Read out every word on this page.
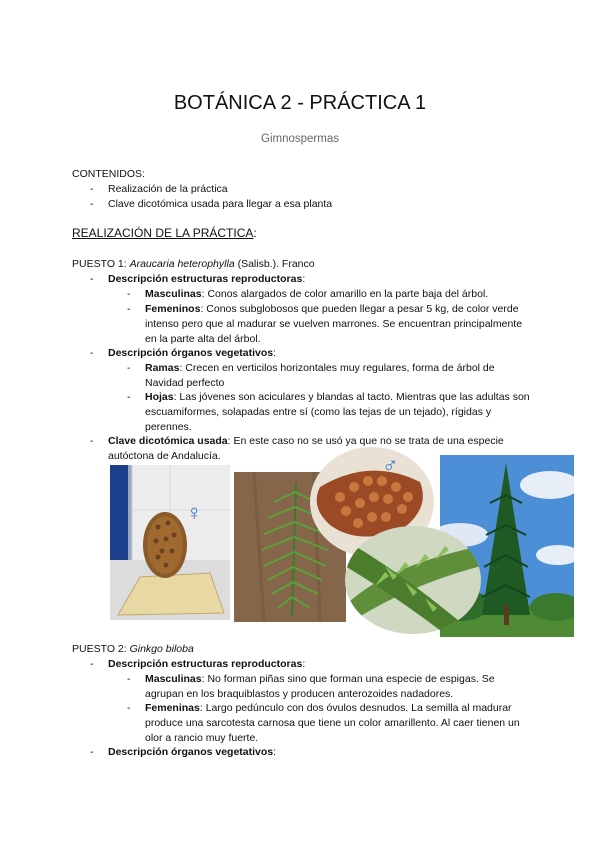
BOTÁNICA 2 - PRÁCTICA 1
Gimnospermas
CONTENIDOS:
- Realización de la práctica
- Clave dicotómica usada para llegar a esa planta
REALIZACIÓN DE LA PRÁCTICA:
PUESTO 1: Araucaria heterophylla (Salisb.). Franco
- Descripción estructuras reproductoras:
- Masculinas: Conos alargados de color amarillo en la parte baja del árbol.
- Femeninos: Conos subglobosos que pueden llegar a pesar 5 kg, de color verde intenso pero que al madurar se vuelven marrones. Se encuentran principalmente en la parte alta del árbol.
- Descripción órganos vegetativos:
- Ramas: Crecen en verticilos horizontales muy regulares, forma de árbol de Navidad perfecto
- Hojas: Las jóvenes son aciculares y blandas al tacto. Mientras que las adultas son escuamiformes, solapadas entre sí (como las tejas de un tejado), rígidas y perennes.
- Clave dicotómica usada: En este caso no se usó ya que no se trata de una especie autóctona de Andalucía.
♀
♂
PUESTO 2: Ginkgo biloba
- Descripción estructuras reproductoras:
- Masculinas: No forman piñas sino que forman una especie de espigas. Se agrupan en los braquiblastos y producen anterozoides nadadores.
- Femeninas: Largo pedúnculo con dos óvulos desnudos. La semilla al madurar produce una sarcotesta carnosa que tiene un color amarillento. Al caer tienen un olor a rancio muy fuerte.
- Descripción órganos vegetativos:
